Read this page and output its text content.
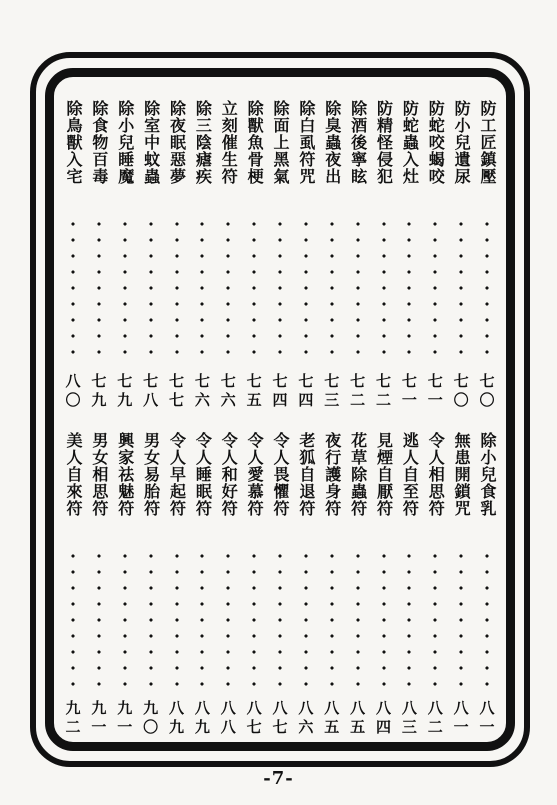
防工匠鎮壓
七
〇
防小兒遺尿
七
〇
防蛇咬蝎咬
七
一
防蛇蟲入灶
七
一
防精怪侵犯
七
二
除酒後寧眩
七
二
除臭蟲夜出
七
三
除白虱符咒
七
四
除面上黑氣
七
四
除獸魚骨梗
七
五
立刻催生符
七
六
除三陰瘧疾
七
六
除夜眠惡夢
七
七
除室中蚊蟲
七
八
除小兒睡魔
七
九
除食物百毒
七
九
除鳥獸入宅
八
〇
除小兒食乳
八
一
無患開鎖咒
八
一
令人相思符
八
二
逃人自至符
八
三
見煙自厭符
八
四
花草除蟲符
八
五
夜行護身符
八
五
老狐自退符
八
六
令人畏懼符
八
七
令人愛慕符
八
七
令人和好符
八
八
令人睡眠符
八
九
令人早起符
八
九
男女易胎符
九
〇
興家祛魅符
九
一
男女相思符
九
一
美人自來符
九
二
-7-
